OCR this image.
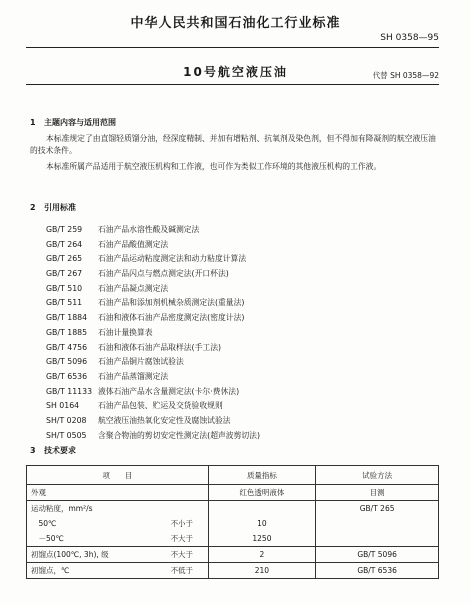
中华人民共和国石油化工行业标准
SH 0358—95
10号航空液压油	代替 SH 0358—92
1 主题内容与适用范围
本标准规定了由直馏轻质馏分油，经深度精制、并加有增粘剂、抗氧剂及染色剂，但不得加有降凝剂的航空液压油的技术条件。
本标准所属产品适用于航空液压机构和工作液，也可作为类似工作环境的其他液压机构的工作液。
2 引用标准
GB/T 259 石油产品水溶性酸及碱测定法
GB/T 264 石油产品酸值测定法
GB/T 265 石油产品运动粘度测定法和动力粘度计算法
GB/T 267 石油产品闪点与燃点测定法(开口杯法)
GB/T 510 石油产品凝点测定法
GB/T 511 石油产品和添加剂机械杂质测定法(重量法)
GB/T 1884 石油和液体石油产品密度测定法(密度计法)
GB/T 1885 石油计量换算表
GB/T 4756 石油和液体石油产品取样法(手工法)
GB/T 5096 石油产品铜片腐蚀试验法
GB/T 6536 石油产品蒸馏测定法
GB/T 11133 液体石油产品水含量测定法(卡尔·费休法)
SH 0164 石油产品包装、贮运及交货验收规则
SH/T 0208 航空液压油热氧化安定性及腐蚀试验法
SH/T 0505 含聚合物油的剪切安定性测定法(超声波剪切法)
3 技术要求
项　　目		质量指标	试验方法
外观		红色透明液体	目测
运动粘度，mm²/s			GB/T 265
　50℃	不小于	10	
　－50℃	不大于	1250	
初馏点(100℃, 3h), 级	不大于	2	GB/T 5096
初馏点，℃	不低于	210	GB/T 6536
